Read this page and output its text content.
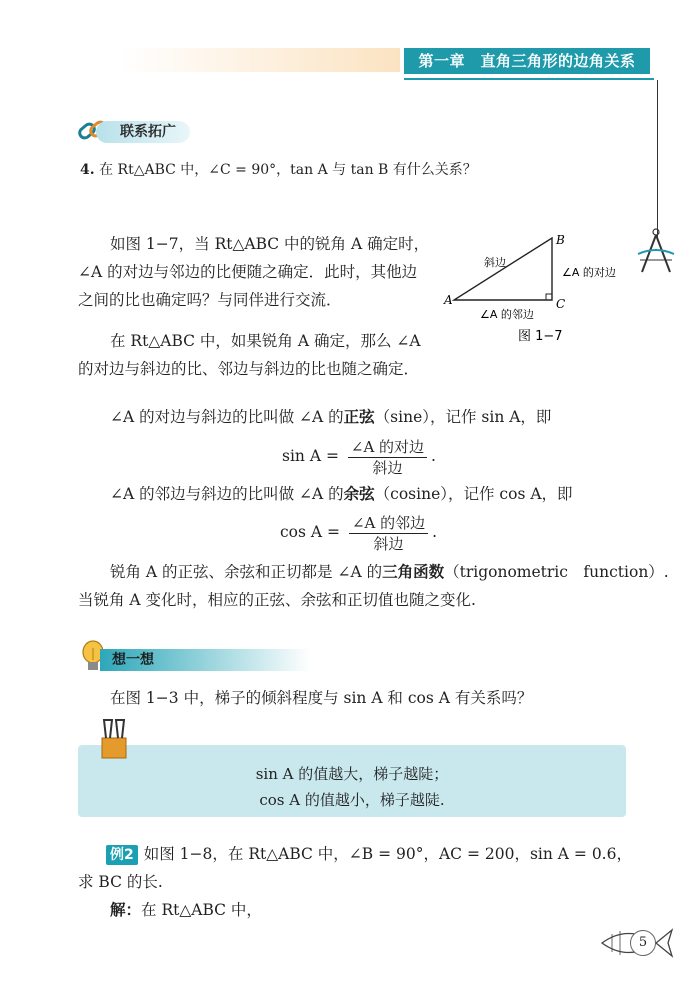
第一章　直角三角形的边角关系
联系拓广
4. 在 Rt△ABC 中，∠C = 90°，tan A 与 tan B 有什么关系？
如图 1−7，当 Rt△ABC 中的锐角 A 确定时，
∠A 的对边与邻边的比便随之确定．此时，其他边
之间的比也确定吗？与同伴进行交流．
在 Rt△ABC 中，如果锐角 A 确定，那么 ∠A
的对边与斜边的比、邻边与斜边的比也随之确定．
A
B
C
斜边
∠A 的对边
∠A 的邻边
图 1−7
∠A 的对边与斜边的比叫做 ∠A 的正弦（sine），记作 sin A，即
$\sin A = \frac{\text{∠A 的对边}}{\text{斜边}}$ .
∠A 的邻边与斜边的比叫做 ∠A 的余弦（cosine），记作 cos A，即
$\cos A = \frac{\text{∠A 的邻边}}{\text{斜边}}$ .
锐角 A 的正弦、余弦和正切都是 ∠A 的三角函数（trigonometric　function）.
当锐角 A 变化时，相应的正弦、余弦和正切值也随之变化.
想一想
在图 1−3 中，梯子的倾斜程度与 sin A 和 cos A 有关系吗？
sin A 的值越大，梯子越陡；
cos A 的值越小，梯子越陡.
例2 如图 1−8，在 Rt△ABC 中，∠B = 90°，AC = 200，sin A = 0.6，
求 BC 的长.
解：在 Rt△ABC 中，
5
